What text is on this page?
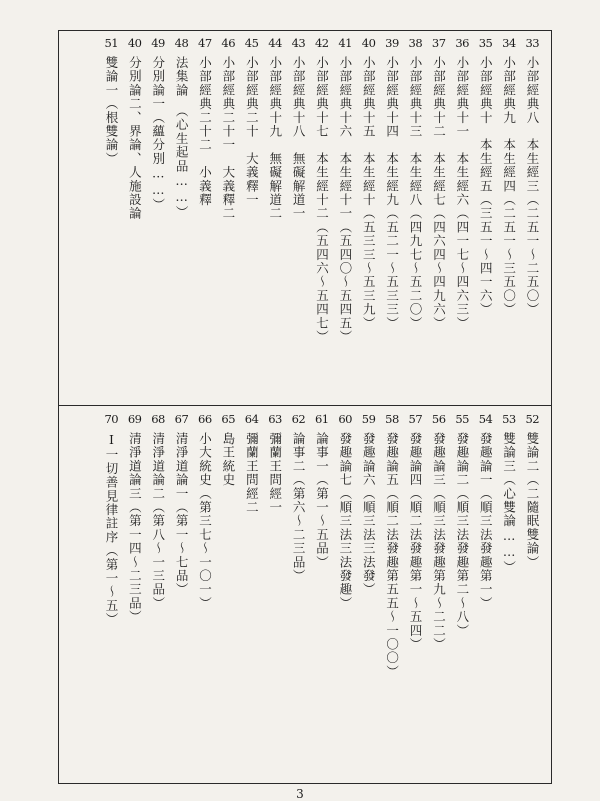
33
34
35
36
37
38
39
40
41
42
43
44
45
46
47
48
49
40
51
小部經典八　本生經三（二五一～二五〇）
小部經典九　本生經四（二五一～三五〇）
小部經典十　本生經五（三五一～四一六）
小部經典十一　本生經六（四一七～四六三）
小部經典十二　本生經七（四六四～四九六）
小部經典十三　本生經八（四九七～五二〇）
小部經典十四　本生經九（五二一～五三三）
小部經典十五　本生經十（五三三～五三九）
小部經典十六　本生經十一（五四〇～五四五）
小部經典十七　本生經十二（五四六～五四七）
小部經典十八　無礙解道一
小部經典十九　無礙解道二
小部經典二十　大義釋一
小部經典二十一　大義釋二
小部經典二十二　小義釋
法集論　（心生起品……）
分別論一（蘊分別……）
分別論二、界論、人施設論
雙論一（根雙論）
52
53
54
55
56
57
58
59
60
61
62
63
64
65
66
67
68
69
70
雙論二（二隨眠雙論）
雙論三（心雙論……）
發趣論一（順三法發趣第一）
發趣論二（順三法發趣第二～八）
發趣論三（順三法發趣第九～二二）
發趣論四（順二法發趣第一～五四）
發趣論五（順二法發趣第五五～一〇〇）
發趣論六（順三法三法發）
發趣論七（順三法三法發趣）
論事一（第一～五品）
論事二（第六～二三品）
彌蘭王問經一
彌蘭王問經二
島王統史

小大統史（第三七～一〇一）
清淨道論一（第一～七品）
清淨道論二（第八～一三品）
清淨道論三（第一四～二三品）
Ⅰ一切善見律註序（第一～五）

3
